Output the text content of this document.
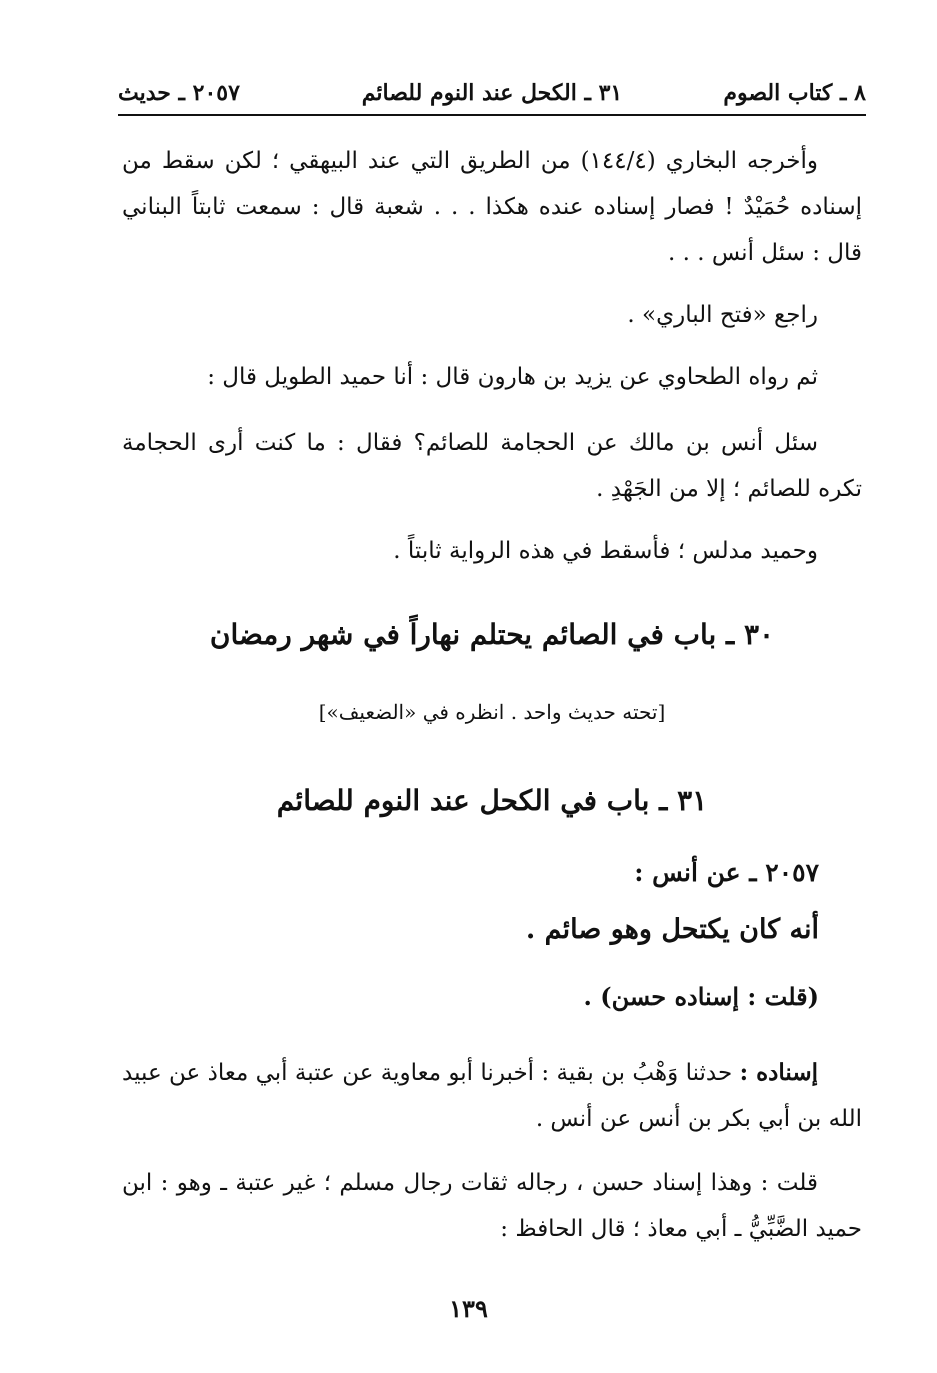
٨ ـ كتاب الصوم
٣١ ـ الكحل عند النوم للصائم
٢٠٥٧ ـ حديث
وأخرجه البخاري (١٤٤/٤) من الطريق التي عند البيهقي ؛ لكن سقط من إسناده حُمَيْدٌ ! فصار إسناده عنده هكذا . . . شعبة قال : سمعت ثابتاً البناني قال : سئل أنس . . .
راجع «فتح الباري» .
ثم رواه الطحاوي عن يزيد بن هارون قال : أنا حميد الطويل قال :
سئل أنس بن مالك عن الحجامة للصائم؟ فقال : ما كنت أرى الحجامة تكره للصائم ؛ إلا من الجَهْدِ .
وحميد مدلس ؛ فأسقط في هذه الرواية ثابتاً .
٣٠ ـ باب في الصائم يحتلم نهاراً في شهر رمضان
[تحته حديث واحد . انظره في «الضعيف»]
٣١ ـ باب في الكحل عند النوم للصائم
٢٠٥٧ ـ عن أنس :
أنه كان يكتحل وهو صائم .
(قلت : إسناده حسن) .
إسناده : حدثنا وَهْبُ بن بقية : أخبرنا أبو معاوية عن عتبة أبي معاذ عن عبيد الله بن أبي بكر بن أنس عن أنس .
قلت : وهذا إسناد حسن ، رجاله ثقات رجال مسلم ؛ غير عتبة ـ وهو : ابن حميد الضَّبِّيُّ ـ أبي معاذ ؛ قال الحافظ :
١٣٩
